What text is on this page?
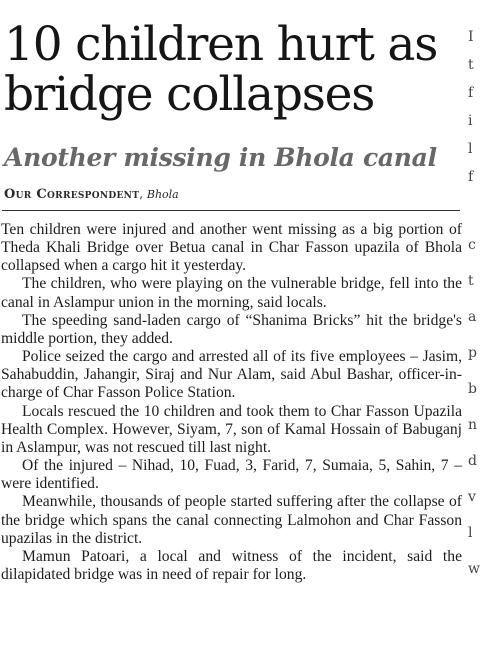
10 children hurt as bridge collapses
Another missing in Bhola canal
Our Correspondent, Bhola

Ten children were injured and another went missing as a big portion of Theda Khali Bridge over Betua canal in Char Fasson upazila of Bhola collapsed when a cargo hit it yesterday.

The children, who were playing on the vulnerable bridge, fell into the canal in Aslampur union in the morning, said locals.

The speeding sand-laden cargo of “Shanima Bricks” hit the bridge's middle portion, they added.

Police seized the cargo and arrested all of its five employees – Jasim, Sahabuddin, Jahangir, Siraj and Nur Alam, said Abul Bashar, officer-in-charge of Char Fasson Police Station.

Locals rescued the 10 children and took them to Char Fasson Upazila Health Complex. However, Siyam, 7, son of Kamal Hossain of Babuganj in Aslampur, was not rescued till last night.

Of the injured – Nihad, 10, Fuad, 3, Farid, 7, Sumaia, 5, Sahin, 7 – were identified.

Meanwhile, thousands of people started suffering after the collapse of the bridge which spans the canal connecting Lalmohon and Char Fasson upazilas in the district.

Mamun Patoari, a local and witness of the incident, said the dilapidated bridge was in need of repair for long.

I
t
f
i
l
f
c
t
a
p
b
n
d
v
l
w
